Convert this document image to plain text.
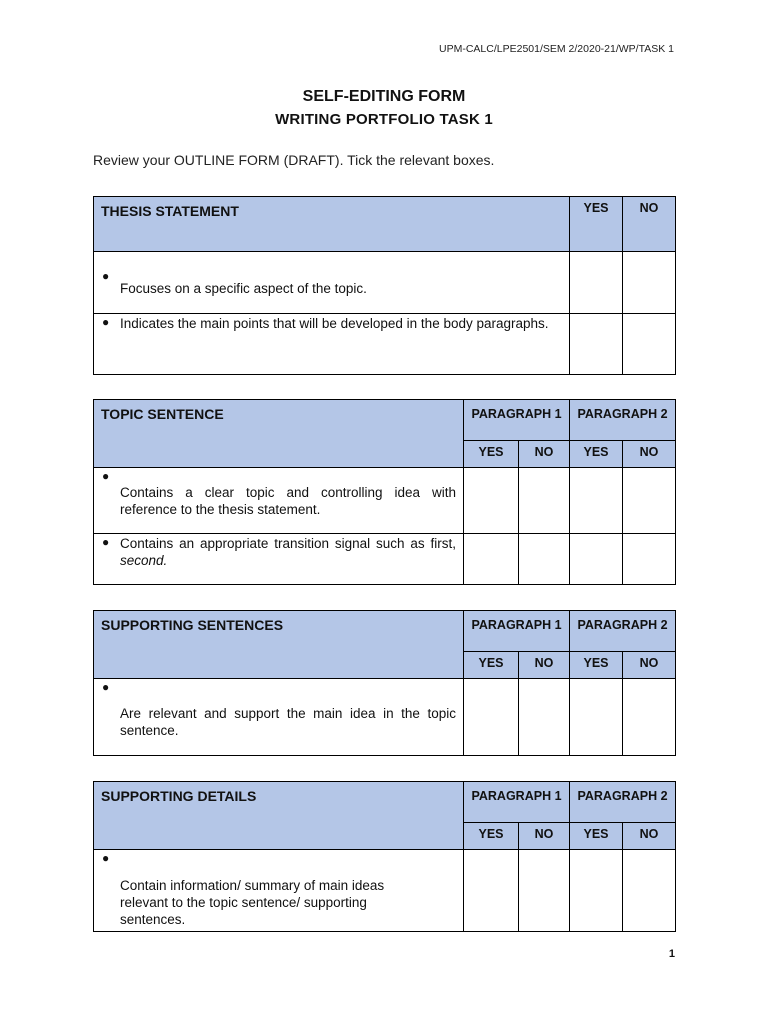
UPM-CALC/LPE2501/SEM 2/2020-21/WP/TASK 1
SELF-EDITING FORM
WRITING PORTFOLIO TASK 1
Review your OUTLINE FORM (DRAFT). Tick the relevant boxes.
THESIS STATEMENT	YES	NO

●
Focuses on a specific aspect of the topic.		

● Indicates the main points that will be developed in the body paragraphs.		

TOPIC SENTENCE	PARAGRAPH 1		PARAGRAPH 2	

	YES	NO	YES	NO

●
Contains a clear topic and controlling idea with reference to the thesis statement.				

● Contains an appropriate transition signal such as first, second.				

SUPPORTING SENTENCES	PARAGRAPH 1		PARAGRAPH 2	

	YES	NO	YES	NO

●
Are relevant and support the main idea in the topic sentence.				

SUPPORTING DETAILS	PARAGRAPH 1		PARAGRAPH 2	

	YES	NO	YES	NO

●
Contain information/ summary of main ideas relevant to the topic sentence/ supporting sentences.				

1
